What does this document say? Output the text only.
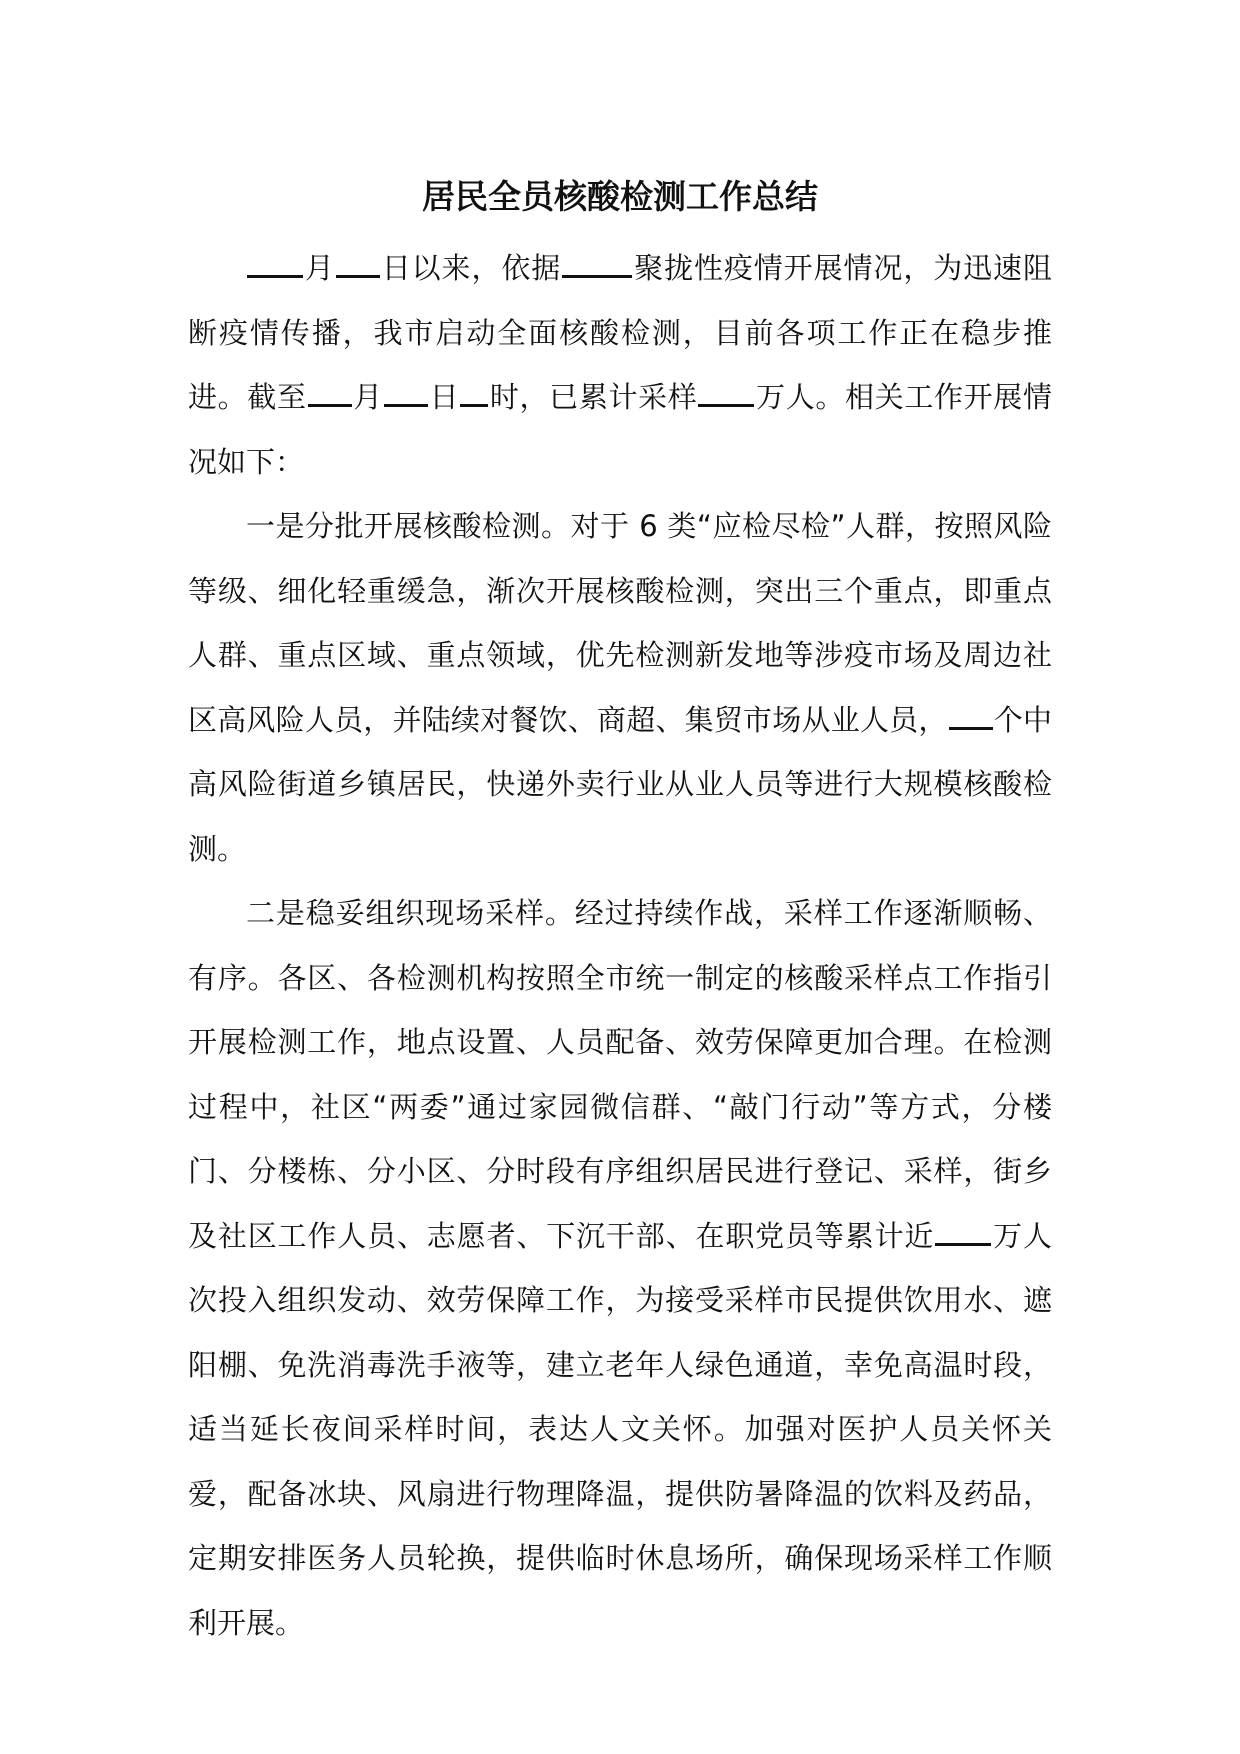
居民全员核酸检测工作总结

月 日以来，依据 聚拢性疫情开展情况，为迅速阻断疫情传播，我市启动全面核酸检测，目前各项工作正在稳步推进。截至 月 日 时，已累计采样 万人。相关工作开展情况如下：

一是分批开展核酸检测。对于 6 类“应检尽检”人群，按照风险等级、细化轻重缓急，渐次开展核酸检测，突出三个重点，即重点人群、重点区域、重点领域，优先检测新发地等涉疫市场及周边社区高风险人员，并陆续对餐饮、商超、集贸市场从业人员， 个中高风险街道乡镇居民，快递外卖行业从业人员等进行大规模核酸检测。

二是稳妥组织现场采样。经过持续作战，采样工作逐渐顺畅、有序。各区、各检测机构按照全市统一制定的核酸采样点工作指引开展检测工作，地点设置、人员配备、效劳保障更加合理。在检测过程中，社区“两委”通过家园微信群、“敲门行动”等方式，分楼门、分楼栋、分小区、分时段有序组织居民进行登记、采样，街乡及社区工作人员、志愿者、下沉干部、在职党员等累计近 万人次投入组织发动、效劳保障工作，为接受采样市民提供饮用水、遮阳棚、免洗消毒洗手液等，建立老年人绿色通道，幸免高温时段，适当延长夜间采样时间，表达人文关怀。加强对医护人员关怀关爱，配备冰块、风扇进行物理降温，提供防暑降温的饮料及药品，定期安排医务人员轮换，提供临时休息场所，确保现场采样工作顺利开展。
